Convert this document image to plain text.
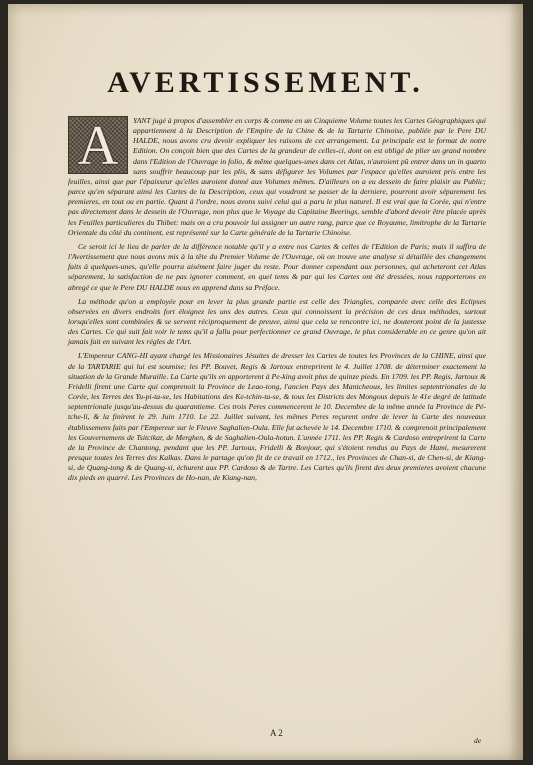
AVERTISSEMENT.
A	YANT jugé à propos d'assembler en corps & comme en un Cinquieme Volume toutes les Cartes Géographiques qui appartiennent à la Description de l'Empire de la Chine & de la Tartarie Chinoise, publiée par le Pere DU HALDE, nous avons cru devoir expliquer les raisons de cet arrangement. La principale est le format de notre Edition. On conçoit bien que des Cartes de la grandeur de celles-ci, dont on est obligé de plier un grand nombre dans l'Edition de l'Ouvrage in folio, & même quelques-unes dans cet Atlas, n'auroient pû entrer dans un in quarto sans souffrir beaucoup par les plis, & sans défigurer les Volumes par l'espace qu'elles auroient pris entre les feuilles, ainsi que par l'épaisseur qu'elles auroient donné aux Volumes mêmes. D'ailleurs on a eu dessein de faire plaisir au Public; parce qu'en séparant ainsi les Cartes de la Description, ceux qui voudront se passer de la derniere, pourront avoir séparement les premieres, en tout ou en partie. Quant à l'ordre, nous avons suivi celui qui a paru le plus naturel. Il est vrai que la Corée, qui n'entre pas directement dans le dessein de l'Ouvrage, non plus que le Voyage du Capitaine Beerings, semble d'abord devoir être placée après les Feuilles particulieres du Thibet: mais on a cru pouvoir lui assigner un autre rang, parce que ce Royaume, limitrophe de la Tartarie Orientale du côté du continent, est représenté sur la Carte générale de la Tartarie Chinoise.

Ce seroit ici le lieu de parler de la différence notable qu'il y a entre nos Cartes & celles de l'Edition de Paris; mais il suffira de l'Avertissement que nous avons mis à la tête du Premier Volume de l'Ouvrage, où on trouve une analyse si détaillée des changemens faits à quelques-unes, qu'elle pourra aisément faire juger du reste. Pour donner cependant aux personnes, qui acheteront cet Atlas séparement, la satisfaction de ne pas ignorer comment, en quel tems & par qui les Cartes ont été dressées, nous rapporterons en abregé ce que le Pere DU HALDE nous en apprend dans sa Préface.

La méthode qu'on a employée pour en lever la plus grande partie est celle des Triangles, comparée avec celle des Eclipses observées en divers endroits fort éloignez les uns des autres. Ceux qui connoissent la précision de ces deux méthodes, surtout lorsqu'elles sont combinées & se servent réciproquement de preuve, ainsi que cela se rencontre ici, ne douteront point de la justesse des Cartes. Ce qui suit fait voir le tems qu'il a fallu pour perfectionner ce grand Ouvrage, le plus considerable en ce genre qu'on ait jamais fait en suivant les régles de l'Art.

L'Empereur CANG-HI ayant chargé les Missionaires Jésuites de dresser les Cartes de toutes les Provinces de la CHINE, ainsi que de la TARTARIE qui lui est soumise; les PP. Bouvet, Regis & Jartoux entreprirent le 4. Juillet 1708. de déterminer exactement la situation de la Grande Muraille. La Carte qu'ils en apporterent à Pe-king avoit plus de quinze pieds. En 1709. les PP. Regis, Jartoux & Fridelli firent une Carte qui comprenoit la Province de Leao-tong, l'ancien Pays des Mantcheoux, les limites septentrionales de la Corée, les Terres des Yu-pi-ta-se, les Habitations des Ke-tchin-ta-se, & tous les Districts des Mongous depuis le 41e degré de latitude septentrionale jusqu'au-dessus du quarantieme. Ces trois Peres commencerent le 10. Decembre de la même année la Province de Pé-tche-li, & la finirent le 29. Juin 1710. Le 22. Juillet suivant, les mêmes Peres reçurent ordre de lever la Carte des nouveaux établissemens faits par l'Empereur sur le Fleuve Saghalien-Oula. Elle fut achevée le 14. Decembre 1710. & comprenoit principalement les Gouvernemens de Tsitcikar, de Merghen, & de Saghalien-Oula-hotun. L'année 1711. les PP. Regis & Cardoso entreprirent la Carte de la Province de Chantong, pendant que les PP. Jartoux, Fridelli & Bonjour, qui s'étoient rendus au Pays de Hami, mesurerent presque toutes les Terres des Kalkas. Dans le partage qu'on fit de ce travail en 1712., les Provinces de Chan-si, de Chen-si, de Kiang-si, de Quang-tong & de Quang-si, échurent aux PP. Cardoso & de Tartre. Les Cartes qu'ils firent des deux premieres avoient chacune dix pieds en quarré. Les Provinces de Ho-nan, de Kiang-nan,

A 2
de
